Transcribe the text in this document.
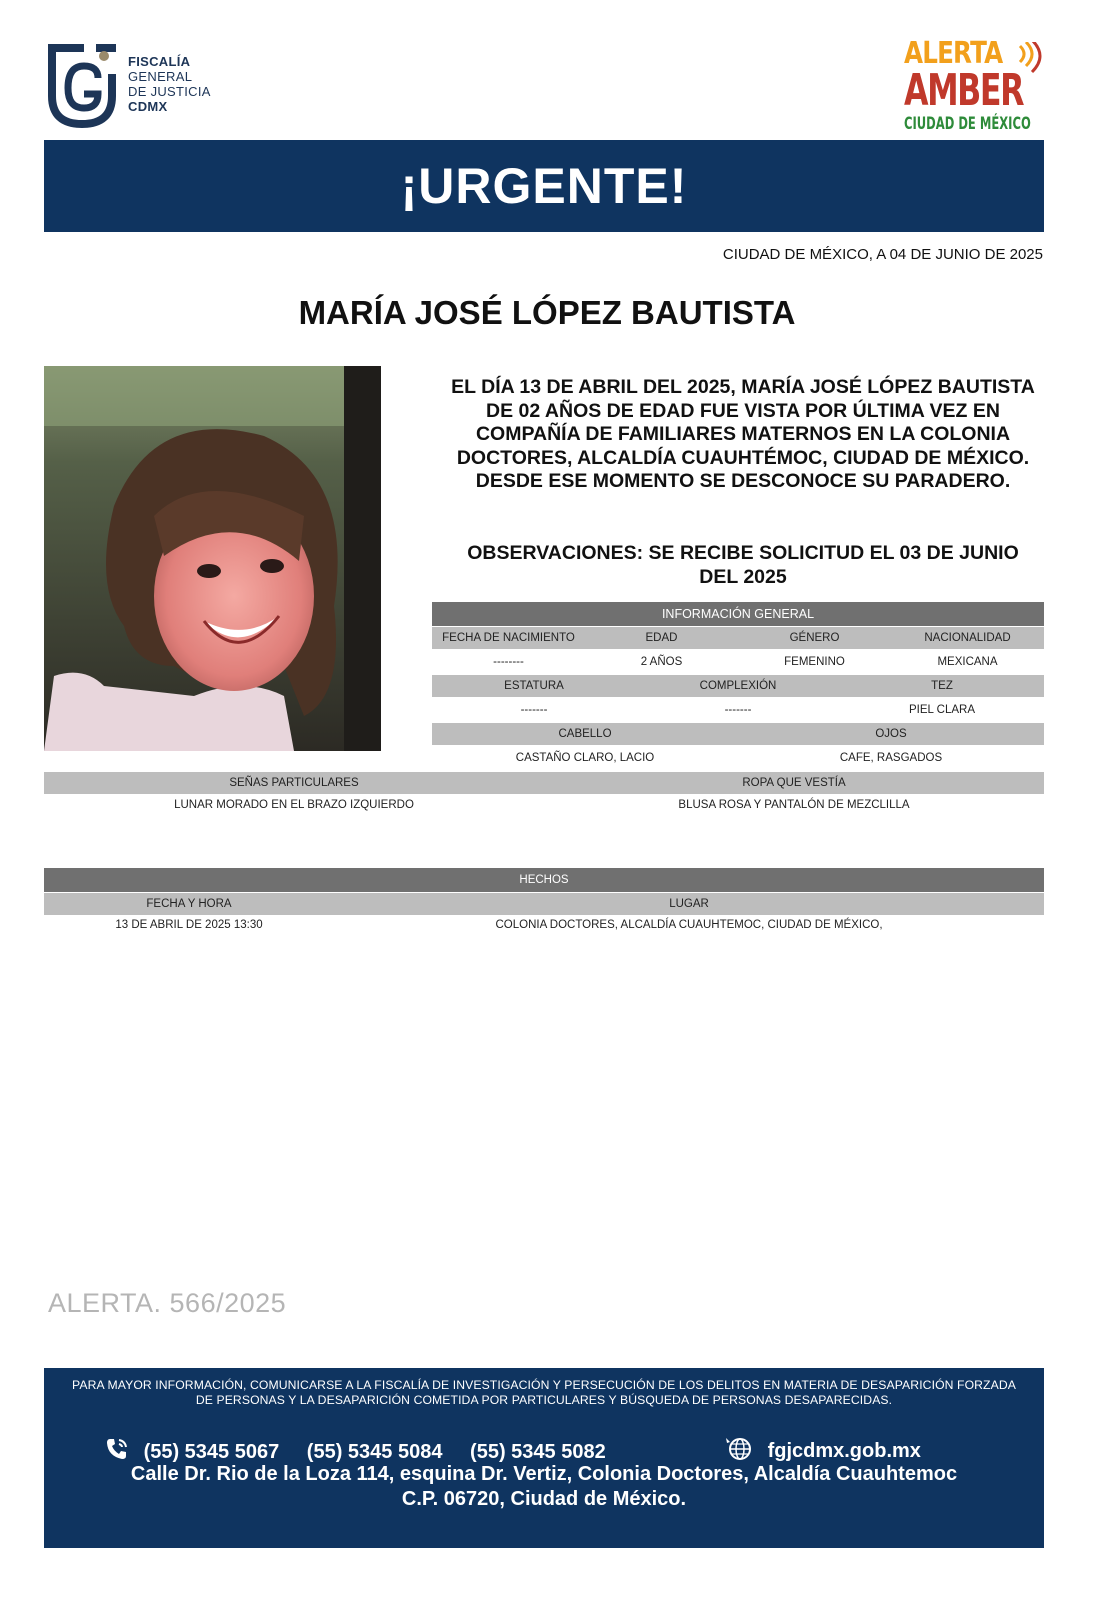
FISCALÍA
GENERAL
DE JUSTICIA
CDMX
ALERTA
AMBER
CIUDAD DE MÉXICO
¡URGENTE!
CIUDAD DE MÉXICO, A 04 DE JUNIO DE 2025
MARÍA JOSÉ LÓPEZ BAUTISTA
EL DÍA 13 DE ABRIL DEL 2025, MARÍA JOSÉ LÓPEZ BAUTISTA DE 02 AÑOS DE EDAD FUE VISTA POR ÚLTIMA VEZ EN COMPAÑÍA DE FAMILIARES MATERNOS EN LA COLONIA DOCTORES, ALCALDÍA CUAUHTÉMOC, CIUDAD DE MÉXICO. DESDE ESE MOMENTO SE DESCONOCE SU PARADERO.
OBSERVACIONES: SE RECIBE SOLICITUD EL 03 DE JUNIO DEL 2025
INFORMACIÓN GENERAL
FECHA DE NACIMIENTO	EDAD	GÉNERO	NACIONALIDAD
--------	2 AÑOS	FEMENINO	MEXICANA
ESTATURA	COMPLEXIÓN	TEZ
-------	-------	PIEL CLARA
CABELLO	OJOS
CASTAÑO CLARO, LACIO	CAFE, RASGADOS
SEÑAS PARTICULARES	ROPA QUE VESTÍA
LUNAR MORADO EN EL BRAZO IZQUIERDO	BLUSA ROSA Y PANTALÓN DE MEZCLILLA
HECHOS
FECHA Y HORA	LUGAR
13 DE ABRIL DE 2025 13:30	COLONIA DOCTORES, ALCALDÍA CUAUHTEMOC, CIUDAD DE MÉXICO,
ALERTA. 566/2025
PARA MAYOR INFORMACIÓN, COMUNICARSE A LA FISCALÍA DE INVESTIGACIÓN Y PERSECUCIÓN DE LOS DELITOS EN MATERIA DE DESAPARICIÓN FORZADA DE PERSONAS Y LA DESAPARICIÓN COMETIDA POR PARTICULARES Y BÚSQUEDA DE PERSONAS DESAPARECIDAS.
(55) 5345 5067 (55) 5345 5084 (55) 5345 5082	fgjcdmx.gob.mx
Calle Dr. Rio de la Loza 114, esquina Dr. Vertiz, Colonia Doctores, Alcaldía Cuauhtemoc
C.P. 06720, Ciudad de México.
